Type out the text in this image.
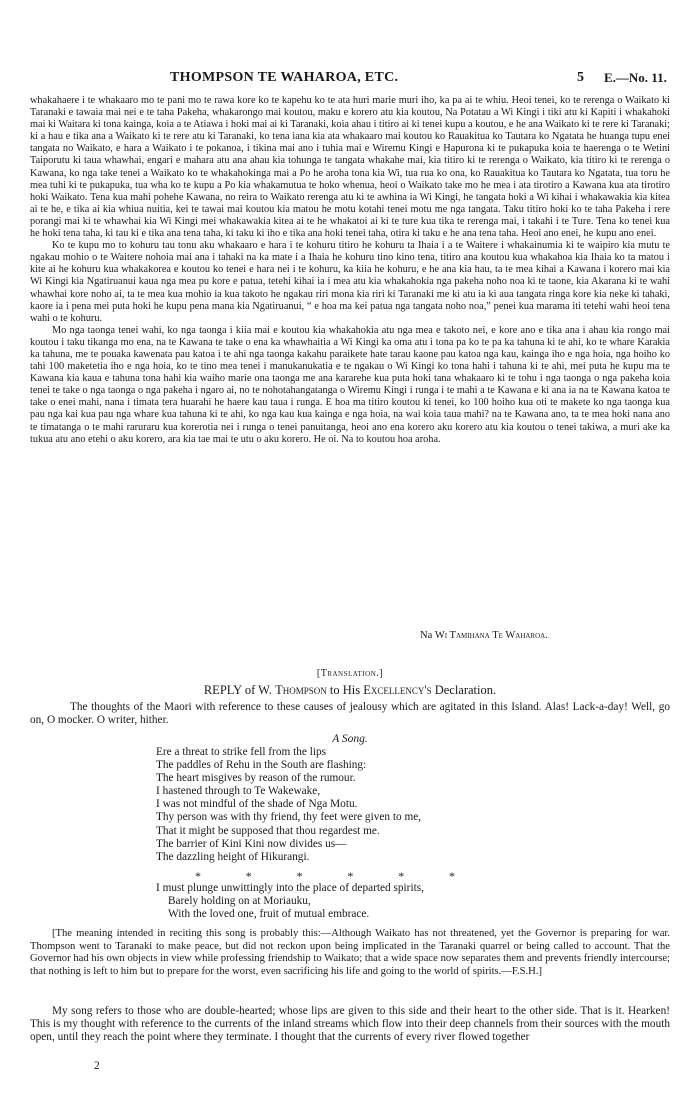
THOMPSON TE WAHAROA, ETC.	5 E.—No. 11.

whakahaere i te whakaaro mo te pani mo te rawa kore ko te kapehu ko te ata huri marie muri iho, ka pa ai te whiu. Heoi tenei, ko te rerenga o Waikato ki Taranaki e tawaia mai nei e te taha Pakeha, whakarongo mai koutou, maku e korero atu kia koutou, Na Potatau a Wi Kingi i tiki atu ki Kapiti i whakahoki mai ki Waitara ki tona kainga, koia a te Atiawa i hoki mai ai ki Taranaki, koia ahau i titiro ai ki tenei kupu a koutou, e he ana Waikato ki te rere ki Taranaki; ki a hau e tika ana a Waikato ki te rere atu ki Taranaki, ko tena iana kia ata whakaaro mai koutou ko Rauakitua ko Tautara ko Ngatata he huanga tupu enei tangata no Waikato, e hara a Waikato i te pokanoa, i tikina mai ano i tuhia mai e Wiremu Kingi e Hapurona ki te pukapuka koia te haerenga o te Wetini Taiporutu ki taua whawhai, engari e mahara atu ana ahau kia tohunga te tangata whakahe mai, kia titiro ki te rerenga o Waikato, kia titiro ki te rerenga o Kawana, ko nga take tenei a Waikato ko te whakahokinga mai a Po he aroha tona kia Wi, tua rua ko ona, ko Rauakitua ko Tautara ko Ngatata, tua toru he mea tuhi ki te pukapuka, tua wha ko te kupu a Po kia whakamutua te hoko whenua, heoi o Waikato take mo he mea i ata tirotiro a Kawana kua ata tirotiro hoki Waikato. Tena kua mahi pohehe Kawana, no reira to Waikato rerenga atu ki te awhina ia Wi Kingi, he tangata hoki a Wi kihai i whakawakia kia kitea ai te he, e tika ai kia whiua nuitia, kei te tawai mai koutou kia matou he motu kotahi tenei motu me nga tangata. Taku titiro hoki ko te taha Pakeha i rere porangi mai ki te whawhai kia Wi Kingi mei whakawakia kitea ai te he whakatoi ai ki te ture kua tika te rerenga mai, i takahi i te Ture. Tena ko tenei kua he hoki tena taha, ki tau ki e tika ana tena taha, ki taku ki iho e tika ana hoki tenei taha, otira ki taku e he ana tena taha. Heoi ano enei, he kupu ano enei.

Ko te kupu mo to kohuru tau tonu aku whakaaro e hara i te kohuru titiro he kohuru ta Ihaia i a te Waitere i whakainumia ki te waipiro kia mutu te ngakau mohio o te Waitere nohoia mai ana i tahaki na ka mate i a Ihaia he kohuru tino kino tena, titiro ana koutou kua whakahoa kia Ihaia ko ta matou i kite ai he kohuru kua whakakorea e koutou ko tenei e hara nei i te kohuru, ka kiia he kohuru, e he ana kia hau, ta te mea kihai a Kawana i korero mai kia Wi Kingi kia Ngatiruanui kaua nga mea pu kore e patua, tetehi kihai ia i mea atu kia whakahokia nga pakeha noho noa ki te taone, kia Akarana ki te wahi whawhai kore noho ai, ta te mea kua mohio ia kua takoto he ngakau riri mona kia riri ki Taranaki me ki atu ia ki aua tangata ringa kore kia neke ki tahaki, kaore ia i pena mei puta hoki he kupu pena mana kia Ngatiruanui, “ e hoa ma kei patua nga tangata noho noa,” penei kua marama iti tetehi wahi heoi tena wahi o te kohuru.

Mo nga taonga tenei wahi, ko nga taonga i kiia mai e koutou kia whakahokia atu nga mea e takoto nei, e kore ano e tika ana i ahau kia rongo mai koutou i taku tikanga mo ena, na te Kawana te take o ena ka whawhaitia a Wi Kingi ka oma atu i tona pa ko te pa ka tahuna ki te ahi, ko te whare Karakia ka tahuna, me te pouaka kawenata pau katoa i te ahi nga taonga kakahu paraikete hate tarau kaone pau katoa nga kau, kainga iho e nga hoia, nga hoiho ko tahi 100 maketetia iho e nga hoia, ko te tino mea tenei i manukanukatia e te ngakau o Wi Kingi ko tona hahi i tahuna ki te ahi, mei puta he kupu ma te Kawana kia kaua e tahuna tona hahi kia waiho marie ona taonga me ana kararehe kua puta hoki tana whakaaro ki te tohu i nga taonga o nga pakeha koia tenei te take o nga taonga o nga pakeha i ngaro ai, no te nohotahangatanga o Wiremu Kingi i runga i te mahi a te Kawana e ki ana ia na te Kawana katoa te take o enei mahi, nana i timata tera huarahi he haere kau taua i runga. E hoa ma titiro koutou ki tenei, ko 100 hoiho kua oti te makete ko nga taonga kua pau nga kai kua pau nga whare kua tahuna ki te ahi, ko nga kau kua kainga e nga hoia, na wai koia taua mahi? na te Kawana ano, ta te mea hoki nana ano te timatanga o te mahi raruraru kua korerotia nei i runga o tenei panuitanga, heoi ano ena korero aku korero atu kia koutou o tenei takiwa, a muri ake ka tukua atu ano etehi o aku korero, ara kia tae mai te utu o aku korero. He oi. Na to koutou hoa aroha.

Na Wi Tamihana Te Waharoa.
[Translation.]
REPLY of W. Thompson to His Excellency's Declaration.

The thoughts of the Maori with reference to these causes of jealousy which are agitated in this Island. Alas! Lack-a-day! Well, go on, O mocker. O writer, hither.

A Song.
Ere a threat to strike fell from the lips
The paddles of Rehu in the South are flashing:
The heart misgives by reason of the rumour.
I hastened through to Te Wakewake,
I was not mindful of the shade of Nga Motu.
Thy person was with thy friend, thy feet were given to me,
That it might be supposed that thou regardest me.
The barrier of Kini Kini now divides us—
The dazzling height of Hikurangi.
*	*	*	*	*	*
I must plunge unwittingly into the place of departed spirits,
Barely holding on at Moriauku,
With the loved one, fruit of mutual embrace.

[The meaning intended in reciting this song is probably this:—Although Waikato has not threatened, yet the Governor is preparing for war. Thompson went to Taranaki to make peace, but did not reckon upon being implicated in the Taranaki quarrel or being called to account. That the Governor had his own objects in view while professing friendship to Waikato; that a wide space now separates them and prevents friendly intercourse; that nothing is left to him but to prepare for the worst, even sacrificing his life and going to the world of spirits.—F.S.H.]

My song refers to those who are double-hearted; whose lips are given to this side and their heart to the other side. That is it. Hearken! This is my thought with reference to the currents of the inland streams which flow into their deep channels from their sources with the mouth open, until they reach the point where they terminate. I thought that the currents of every river flowed together

2
